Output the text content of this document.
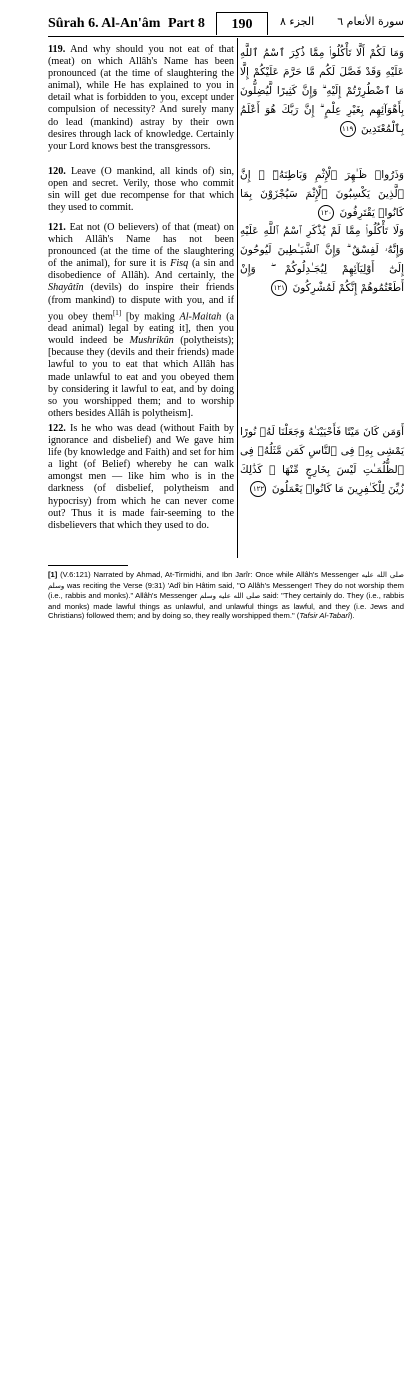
Sûrah 6. Al-An'âm Part 8	190	الجزء ٨ سورة الأنعام ٦

119. And why should you not eat of that (meat) on which Allâh's Name has been pronounced (at the time of slaughtering the animal), while He has explained to you in detail what is forbidden to you, except under compulsion of necessity? And surely many do lead (mankind) astray by their own desires through lack of knowledge. Certainly your Lord knows best the transgressors.

وَمَا لَكُمْ أَلَّا تَأْكُلُوا۟ مِمَّا ذُكِرَ ٱسْمُ ٱللَّهِ عَلَيْهِ وَقَدْ فَصَّلَ لَكُم مَّا حَرَّمَ عَلَيْكُمْ إِلَّا مَا ٱضْطُرِرْتُمْ إِلَيْهِ ۗ وَإِنَّ كَثِيرًا لَّيُضِلُّونَ بِأَهْوَآئِهِم بِغَيْرِ عِلْمٍ ۗ إِنَّ رَبَّكَ هُوَ أَعْلَمُ بِٱلْمُعْتَدِينَ ١١٩

120. Leave (O mankind, all kinds of) sin, open and secret. Verily, those who commit sin will get due recompense for that which they used to commit.

وَذَرُوا۟ ظَـٰهِرَ ٱلْإِثْمِ وَبَاطِنَهُۥٓ ۚ إِنَّ ٱلَّذِينَ يَكْسِبُونَ ٱلْإِثْمَ سَيُجْزَوْنَ بِمَا كَانُوا۟ يَقْتَرِفُونَ ١٢٠

121. Eat not (O believers) of that (meat) on which Allâh's Name has not been pronounced (at the time of the slaughtering of the animal), for sure it is Fisq (a sin and disobedience of Allâh). And certainly, the Shayâtîn (devils) do inspire their friends (from mankind) to dispute with you, and if you obey them[1] [by making Al-Maitah (a dead animal) legal by eating it], then you would indeed be Mushrikûn (polytheists); [because they (devils and their friends) made lawful to you to eat that which Allâh has made unlawful to eat and you obeyed them by considering it lawful to eat, and by doing so you worshipped them; and to worship others besides Allâh is polytheism].

وَلَا تَأْكُلُوا۟ مِمَّا لَمْ يُذْكَرِ ٱسْمُ ٱللَّهِ عَلَيْهِ وَإِنَّهُۥ لَفِسْقٌ ۗ وَإِنَّ ٱلشَّيَـٰطِينَ لَيُوحُونَ إِلَىٰٓ أَوْلِيَآئِهِمْ لِيُجَـٰدِلُوكُمْ ۖ وَإِنْ أَطَعْتُمُوهُمْ إِنَّكُمْ لَمُشْرِكُونَ ١٢١

122. Is he who was dead (without Faith by ignorance and disbelief) and We gave him life (by knowledge and Faith) and set for him a light (of Belief) whereby he can walk amongst men — like him who is in the darkness (of disbelief, polytheism and hypocrisy) from which he can never come out? Thus it is made fair-seeming to the disbelievers that which they used to do.

أَوَمَن كَانَ مَيْتًا فَأَحْيَيْنَـٰهُ وَجَعَلْنَا لَهُۥ نُورًا يَمْشِى بِهِۦ فِى ٱلنَّاسِ كَمَن مَّثَلُهُۥ فِى ٱلظُّلُمَـٰتِ لَيْسَ بِخَارِجٍ مِّنْهَا ۚ كَذَٰلِكَ زُيِّنَ لِلْكَـٰفِرِينَ مَا كَانُوا۟ يَعْمَلُونَ ١٢٢

[1] (V.6:121) Narrated by Ahmad, At-Tirmidhi, and Ibn Jarîr: Once while Allâh's Messenger صلى الله عليه وسلم was reciting the Verse (9:31) 'Adî bin Hâtim said, "O Allâh's Messenger! They do not worship them (i.e., rabbis and monks)." Allâh's Messenger صلى الله عليه وسلم said: "They certainly do. They (i.e., rabbis and monks) made lawful things as unlawful, and unlawful things as lawful, and they (i.e. Jews and Christians) followed them; and by doing so, they really worshipped them." (Tafsir Al-Tabarî).
